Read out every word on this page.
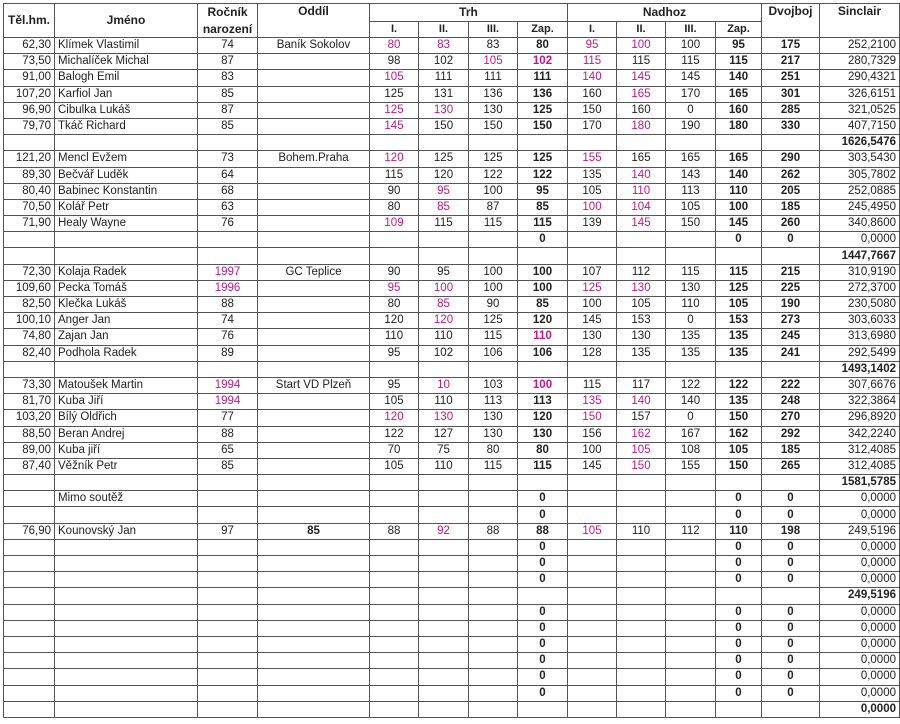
Těl.hm.	Jméno	Ročník	Oddíl	Trh				Nadhoz				Dvojboj	Sinclair
		narození		I.	II.	III.	Zap.	I.	II.	III.	Zap.		
62,30	Klímek Vlastimil	74	Baník Sokolov	80	83	83	80	95	100	100	95	175	252,2100
73,50	Michalíček Michal	87		98	102	105	102	115	115	115	115	217	280,7329
91,00	Balogh Emil	83		105	111	111	111	140	145	145	140	251	290,4321
107,20	Karfiol Jan	85		125	131	136	136	160	165	170	165	301	326,6151
96,90	Cibulka Lukáš	87		125	130	130	125	150	160	0	160	285	321,0525
79,70	Tkáč Richard	85		145	150	150	150	170	180	190	180	330	407,7150
													1626,5476
121,20	Mencl Evžem	73	Bohem.Praha	120	125	125	125	155	165	165	165	290	303,5430
89,30	Bečvář Luděk	64		115	120	122	122	135	140	143	140	262	305,7802
80,40	Babinec Konstantin	68		90	95	100	95	105	110	113	110	205	252,0885
70,50	Kolář Petr	63		80	85	87	85	100	104	105	100	185	245,4950
71,90	Healy Wayne	76		109	115	115	115	139	145	150	145	260	340,8600
							0				0	0	0,0000
													1447,7667
72,30	Kolaja Radek	1997	GC Teplice	90	95	100	100	107	112	115	115	215	310,9190
109,60	Pecka Tomáš	1996		95	100	100	100	125	130	130	125	225	272,3700
82,50	Klečka Lukáš	88		80	85	90	85	100	105	110	105	190	230,5080
100,10	Anger Jan	74		120	120	125	120	145	153	0	153	273	303,6033
74,80	Zajan Jan	76		110	110	115	110	130	130	135	135	245	313,6980
82,40	Podhola Radek	89		95	102	106	106	128	135	135	135	241	292,5499
													1493,1402
73,30	Matoušek Martin	1994	Start VD Plzeň	95	10	103	100	115	117	122	122	222	307,6676
81,70	Kuba Jiří	1994		105	110	113	113	135	140	140	135	248	322,3864
103,20	Bílý Oldřich	77		120	130	130	120	150	157	0	150	270	296,8920
88,50	Beran Andrej	88		122	127	130	130	156	162	167	162	292	342,2240
89,00	Kuba jiří	65		70	75	80	80	100	105	108	105	185	312,4085
87,40	Věžník Petr	85		105	110	115	115	145	150	155	150	265	312,4085
													1581,5785
	Mimo soutěž						0				0	0	0,0000
							0				0	0	0,0000
76,90	Kounovský Jan	97	85	88	92	88	88	105	110	112	110	198	249,5196
							0				0	0	0,0000
							0				0	0	0,0000
							0				0	0	0,0000
													249,5196
							0				0	0	0,0000
							0				0	0	0,0000
							0				0	0	0,0000
							0				0	0	0,0000
							0				0	0	0,0000
							0				0	0	0,0000
													0,0000
